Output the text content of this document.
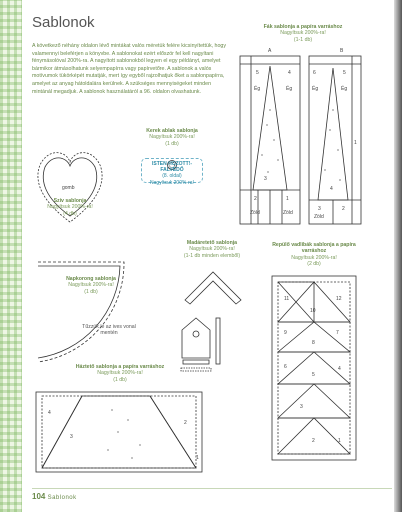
Sablonok

A következő néhány oldalon lévő mintákat valós méretük felére kicsinyítettük, hogy valamennyi beleférjen a könyvbe. A sablonokat ezért először fel kell nagyítani fénymásolóval 200%-ra. A nagyított sablonokból legyen el egy példányt, amelyet bármikor átmásolhatunk selyempapírra vagy papírvetőre. A sablonok a valós motívumok tükörképét mutatják, mert így egyből rajzolhatjuk őket a sablonpapírra, amelyet az anyag hátoldalára kerülnek. A szükséges mennyiségeket minden mintánál megadjuk. A sablonok használatáról a 96. oldalon olvashatunk.

gomb
Szív sablonja
Nagyítsuk 200%-ra!
(4 db)
Kerek ablak sablonja
Nagyítsuk 200%-ra!
(1 db)
ISTEN HOZOTT!-FALVÉDŐ
(8. oldal)
Nagyítsuk 200%-ra!
Fák sablonja a papíra varráshoz
Nagyítsuk 200%-ra!
(1-1 db)
A	B
5	4
Ég	Ég
3
2	1
Zöld	Zöld
6	5
Ég	Ég
4
3	2
1
Zöld
Napkorong sablonja
Nagyítsuk 200%-ra!
(1 db)
Tűzzük le az ives vonal mentén
Madáretető sablonja
Nagyítsuk 200%-ra!
(1-1 db minden elemből)
Repülő vadlibák sablonja a papíra varráshoz
Nagyítsuk 200%-ra!
(2 db)
11	12
10
9
8
7
6
5
4
3
2	1
Háztető sablonja a papíra varráshoz
Nagyítsuk 200%-ra!
(1 db)
4
3
2
1
104 Sablonok
